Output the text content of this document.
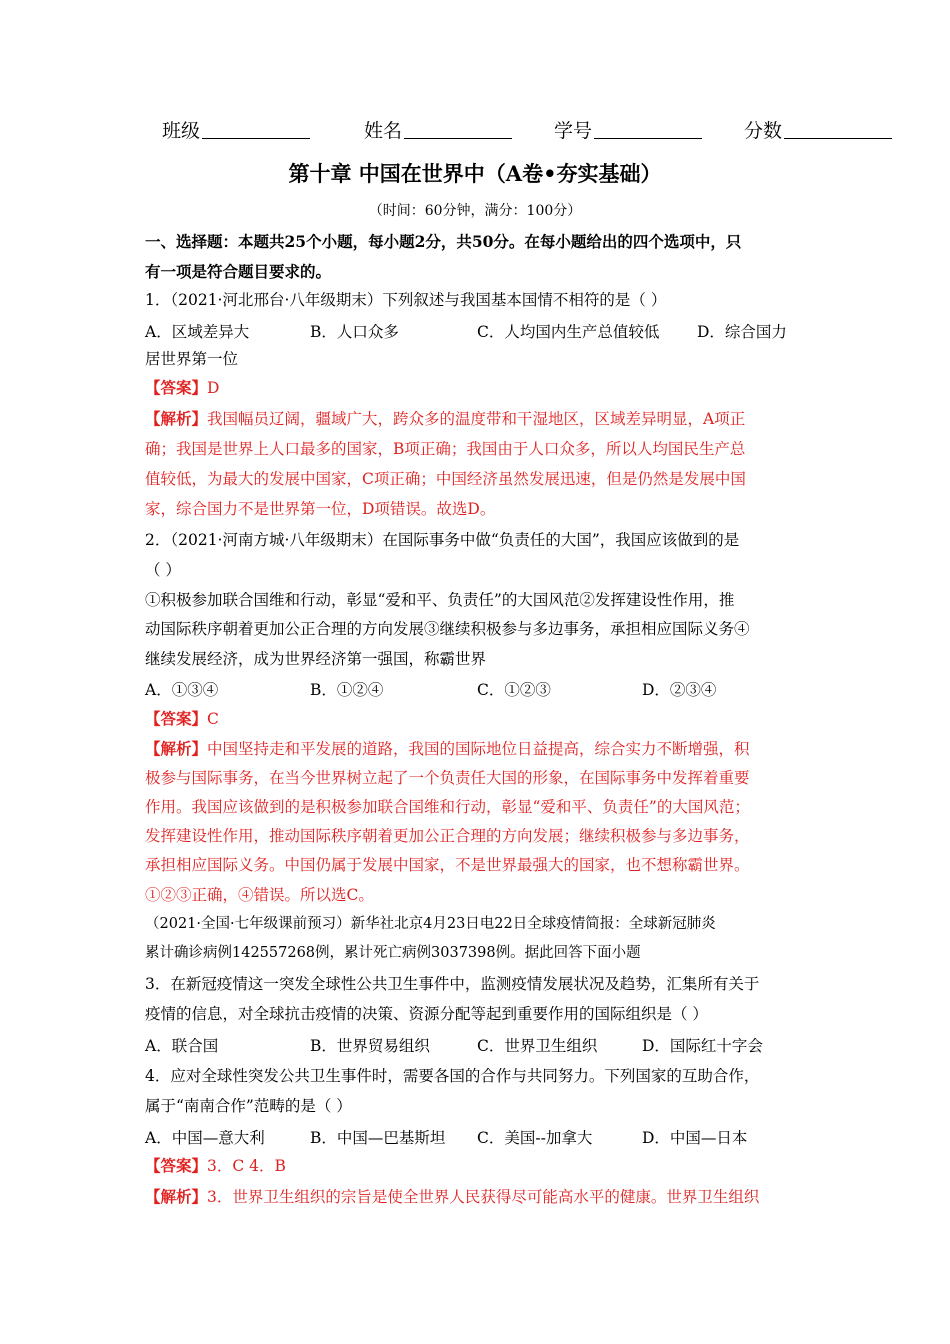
班级	姓名	学号	分数
第十章 中国在世界中（A卷•夯实基础）
（时间：60分钟，满分：100分）
一、选择题：本题共25个小题，每小题2分，共50分。在每小题给出的四个选项中，只
有一项是符合题目要求的。
1．（2021·河北邢台·八年级期末）下列叙述与我国基本国情不相符的是（ ）
A．区域差异大	B．人口众多	C．人均国内生产总值较低 D．综合国力
居世界第一位
【答案】D
【解析】我国幅员辽阔，疆域广大，跨众多的温度带和干湿地区，区域差异明显，A项正
确；我国是世界上人口最多的国家，B项正确；我国由于人口众多，所以人均国民生产总
值较低，为最大的发展中国家，C项正确；中国经济虽然发展迅速，但是仍然是发展中国
家，综合国力不是世界第一位，D项错误。故选D。
2．（2021·河南方城·八年级期末）在国际事务中做“负责任的大国”，我国应该做到的是
（ ）
①积极参加联合国维和行动，彰显“爱和平、负责任”的大国风范②发挥建设性作用，推
动国际秩序朝着更加公正合理的方向发展③继续积极参与多边事务，承担相应国际义务④
继续发展经济，成为世界经济第一强国，称霸世界
A．①③④	B．①②④	C．①②③	D．②③④
【答案】C
【解析】中国坚持走和平发展的道路，我国的国际地位日益提高，综合实力不断增强，积
极参与国际事务，在当今世界树立起了一个负责任大国的形象，在国际事务中发挥着重要
作用。我国应该做到的是积极参加联合国维和行动，彰显“爱和平、负责任”的大国风范；
发挥建设性作用，推动国际秩序朝着更加公正合理的方向发展；继续积极参与多边事务，
承担相应国际义务。中国仍属于发展中国家，不是世界最强大的国家，也不想称霸世界。
①②③正确，④错误。所以选C。
（2021·全国·七年级课前预习）新华社北京4月23日电22日全球疫情简报：全球新冠肺炎
累计确诊病例142557268例，累计死亡病例3037398例。据此回答下面小题
3．在新冠疫情这一突发全球性公共卫生事件中，监测疫情发展状况及趋势，汇集所有关于
疫情的信息，对全球抗击疫情的决策、资源分配等起到重要作用的国际组织是（ ）
A．联合国	B．世界贸易组织	C．世界卫生组织	D．国际红十字会
4．应对全球性突发公共卫生事件时，需要各国的合作与共同努力。下列国家的互助合作，
属于“南南合作”范畴的是（ ）
A．中国—意大利	B．中国—巴基斯坦 C．美国--加拿大	D．中国—日本
【答案】3．C 4．B
【解析】3．世界卫生组织的宗旨是使全世界人民获得尽可能高水平的健康。世界卫生组织
